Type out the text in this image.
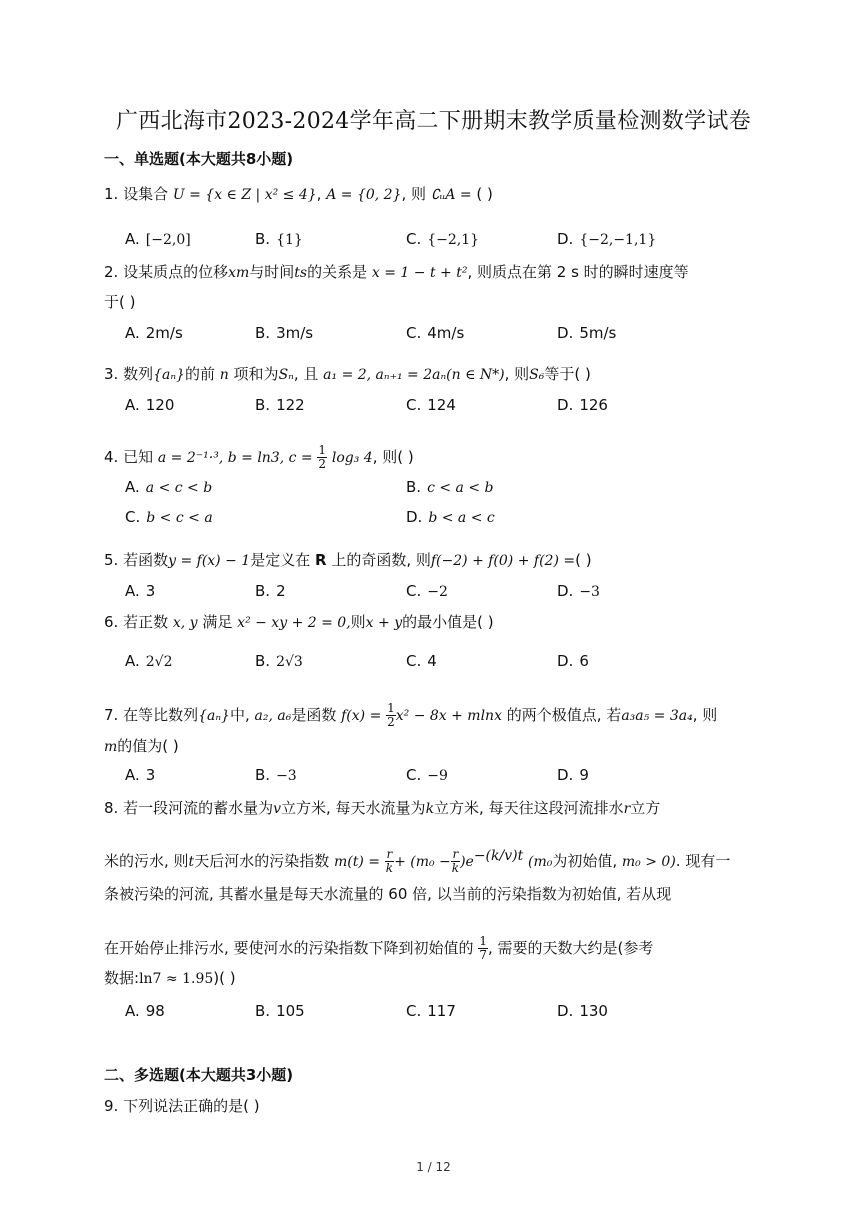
广西北海市2023-2024学年高二下册期末教学质量检测数学试卷
一、单选题(本大题共8小题)
1. 设集合 U = {x ∈ Z | x² ≤ 4}, A = {0, 2}, 则 ∁ᵤA = ( )
A. [−2,0]	B. {1}	C. {−2,1}	D. {−2,−1,1}
2. 设某质点的位移xm与时间ts的关系是 x = 1 − t + t², 则质点在第 2 s 时的瞬时速度等
于( )
A. 2m/s	B. 3m/s	C. 4m/s	D. 5m/s
3. 数列{aₙ}的前 n 项和为Sₙ, 且 a₁ = 2, aₙ₊₁ = 2aₙ(n ∈ N*), 则S₆等于( )
A. 120	B. 122	C. 124	D. 126
4. 已知 a = 2⁻¹·³, b = ln3, $c = \frac{1}{2} \log_3$ 4, 则( )
A. a < c < b	B. c < a < b
C. b < c < a	D. b < a < c
5. 若函数y = f(x) − 1是定义在 R 上的奇函数, 则f(−2) + f(0) + f(2) =( )
A. 3	B. 2	C. −2	D. −3
6. 若正数 x, y 满足 x² − xy + 2 = 0,则x + y的最小值是( )
A. 2√2	B. 2√3	C. 4	D. 6
7. 在等比数列{aₙ}中, a₂, a₆是函数 $f(x) = \frac{1}{2} x^2 - 8x + mlnx$ 的两个极值点, 若a₃a₅ = 3a₄, 则
m的值为( )
A. 3	B. −3	C. −9	D. 9
8. 若一段河流的蓄水量为v立方米, 每天水流量为k立方米, 每天往这段河流排水r立方
米的污水, 则t天后河水的污染指数 $m(t) = \frac{r}{k} + (m_0 - \frac{r}{k} )e^{-(k/v)t}$ (m₀为初始值, m₀ > 0). 现有一
条被污染的河流, 其蓄水量是每天水流量的 60 倍, 以当前的污染指数为初始值, 若从现
在开始停止排污水, 要使河水的污染指数下降到初始值的 $\frac{1}{7}$ , 需要的天数大约是(参考
数据:ln7 ≈ 1.95)( )
A. 98	B. 105	C. 117	D. 130
二、多选题(本大题共3小题)
9. 下列说法正确的是( )
1 / 12
